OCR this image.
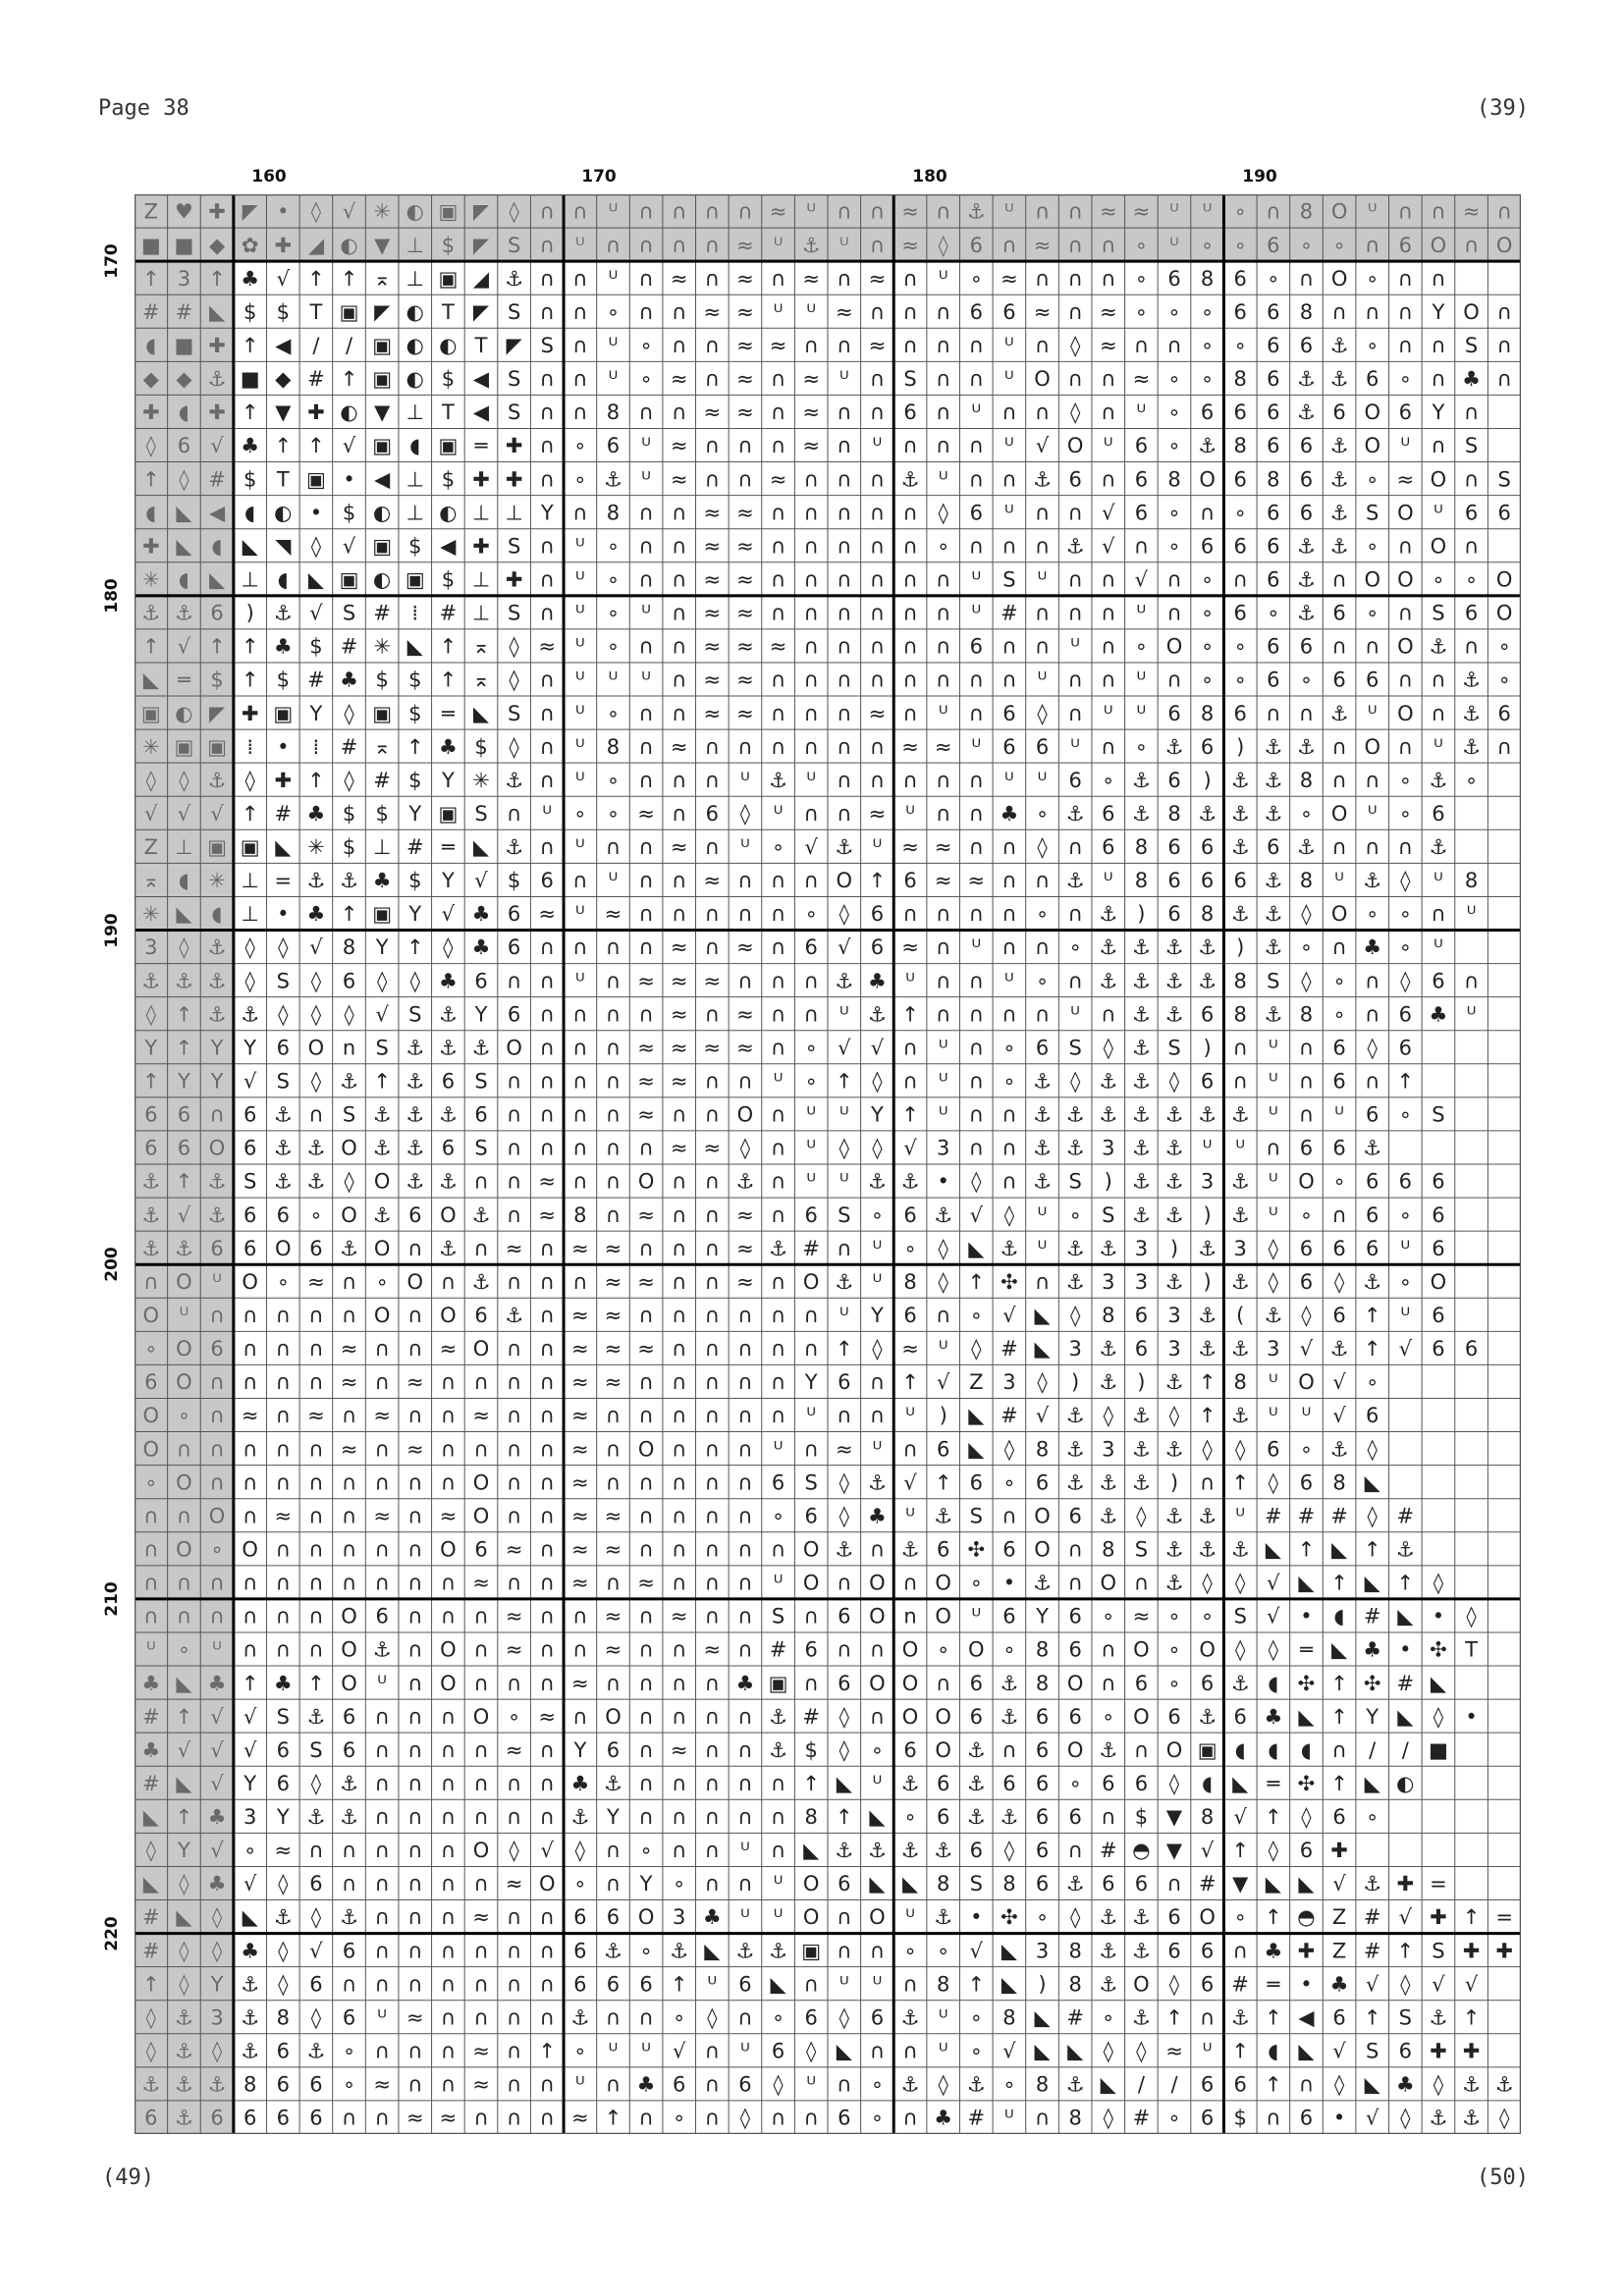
Page 38	(39)
(49)	(50)
160	170	180	190
170
180
190
200
210
220
Z ♥ ✚ ◤ • ◊ √ ✳ ◐ ▣ ◤ ◊ ∩ ∩ ᵁ ∩ ∩ ∩ ∩ ≈ ᵁ ∩ ∩ ≈ ∩ ⚓ ᵁ ∩ ∩ ≈ ≈ ᵁ ᵁ ∘ ∩ 8 O ᵁ ∩ ∩ ≈ ∩
■ ■ ◆ ✿ ✚ ◢ ◐ ▼ ⊥ $ ◤ S ∩ ᵁ ∩ ∩ ∩ ∩ ≈ ᵁ ⚓ ᵁ ∩ ≈ ◊ 6 ∩ ≈ ∩ ∩ ∘ ᵁ ∘ ∘ 6 ∘ ∘ ∩ 6 O ∩ O
↑ 3 ↑ ♣ √ ↑ ↑ ⌅ ⊥ ▣ ◢ ⚓ ∩ ∩ ᵁ ∩ ≈ ∩ ≈ ∩ ≈ ∩ ≈ ∩ ᵁ ∘ ≈ ∩ ∩ ∩ ∘ 6 8 6 ∘ ∩ O ∘ ∩ ∩
# # ◣ $ $ T ▣ ◤ ◐ T ◤ S ∩ ∩ ∘ ∩ ∩ ≈ ≈ ᵁ ᵁ ≈ ∩ ∩ ∩ 6 6 ≈ ∩ ≈ ∘ ∘ ∘ 6 6 8 ∩ ∩ ∩ Y O ∩
◖ ■ ✚ ↑ ◀ / / ▣ ◐ ◐ T ◤ S ∩ ᵁ ∘ ∩ ∩ ≈ ≈ ∩ ∩ ≈ ∩ ∩ ∩ ᵁ ∩ ◊ ≈ ∩ ∩ ∘ ∘ 6 6 ⚓ ∘ ∩ ∩ S ∩
◆ ◆ ⚓ ■ ◆ # ↑ ▣ ◐ $ ◀ S ∩ ∩ ᵁ ∘ ≈ ∩ ≈ ∩ ≈ ᵁ ∩ S ∩ ∩ ᵁ O ∩ ∩ ≈ ∘ ∘ 8 6 ⚓ ⚓ 6 ∘ ∩ ♣ ∩
✚ ◖ ✚ ↑ ▼ ✚ ◐ ▼ ⊥ T ◀ S ∩ ∩ 8 ∩ ∩ ≈ ≈ ∩ ≈ ∩ ∩ 6 ∩ ᵁ ∩ ∩ ◊ ∩ ᵁ ∘ 6 6 6 ⚓ 6 O 6 Y ∩
◊ 6 √ ♣ ↑ ↑ √ ▣ ◖ ▣ ═ ✚ ∩ ∘ 6 ᵁ ≈ ∩ ∩ ∩ ≈ ∩ ᵁ ∩ ∩ ∩ ᵁ √ O ᵁ 6 ∘ ⚓ 8 6 6 ⚓ O ᵁ ∩ S
↑ ◊ # $ T ▣ • ◀ ⊥ $ ✚ ✚ ∩ ∘ ⚓ ᵁ ≈ ∩ ∩ ≈ ∩ ∩ ∩ ⚓ ᵁ ∩ ∩ ⚓ 6 ∩ 6 8 O 6 8 6 ⚓ ∘ ≈ O ∩ S
◖ ◣ ◀ ◖ ◐ • $ ◐ ⊥ ◐ ⊥ ⊥ Y ∩ 8 ∩ ∩ ≈ ≈ ∩ ∩ ∩ ∩ ∩ ◊ 6 ᵁ ∩ ∩ √ 6 ∘ ∩ ∘ 6 6 ⚓ S O ᵁ 6 6
✚ ◣ ◖ ◣ ◥ ◊ √ ▣ $ ◀ ✚ S ∩ ᵁ ∘ ∩ ∩ ≈ ≈ ∩ ∩ ∩ ∩ ∩ ∘ ∩ ∩ ∩ ⚓ √ ∩ ∘ 6 6 6 ⚓ ⚓ ∘ ∩ O ∩
✳ ◖ ◣ ⊥ ◖ ◣ ▣ ◐ ▣ $ ⊥ ✚ ∩ ᵁ ∘ ∩ ∩ ≈ ≈ ∩ ∩ ∩ ∩ ∩ ∩ ᵁ S ᵁ ∩ ∩ √ ∩ ∘ ∩ 6 ⚓ ∩ O O ∘ ∘ O
⚓ ⚓ 6 ) ⚓ √ S # ⁞ # ⊥ S ∩ ᵁ ∘ ᵁ ∩ ≈ ≈ ∩ ∩ ∩ ∩ ∩ ∩ ᵁ # ∩ ∩ ∩ ᵁ ∩ ∘ 6 ∘ ⚓ 6 ∘ ∩ S 6 O
↑ √ ↑ ↑ ♣ $ # ✳ ◣ ↑ ⌅ ◊ ≈ ᵁ ∘ ∩ ∩ ≈ ≈ ≈ ∩ ∩ ∩ ∩ ∩ 6 ∩ ∩ ᵁ ∩ ∘ O ∘ ∘ 6 6 ∩ ∩ O ⚓ ∩ ∘
◣ ═ $ ↑ $ # ♣ $ $ ↑ ⌅ ◊ ∩ ᵁ ᵁ ᵁ ∩ ≈ ≈ ∩ ∩ ∩ ∩ ∩ ∩ ∩ ∩ ᵁ ∩ ∩ ᵁ ∩ ∘ ∘ 6 ∘ 6 6 ∩ ∩ ⚓ ∘
▣ ◐ ◤ ✚ ▣ Y ◊ ▣ $ ═ ◣ S ∩ ᵁ ∘ ∩ ∩ ≈ ≈ ∩ ∩ ∩ ≈ ∩ ᵁ ∩ 6 ◊ ∩ ᵁ ᵁ 6 8 6 ∩ ∩ ⚓ ᵁ O ∩ ⚓ 6
✳ ▣ ▣ ⁞ • ⁞ # ⌅ ↑ ♣ $ ◊ ∩ ᵁ 8 ∩ ≈ ∩ ∩ ∩ ∩ ∩ ∩ ≈ ≈ ᵁ 6 6 ᵁ ∩ ∘ ⚓ 6 ) ⚓ ⚓ ∩ O ∩ ᵁ ⚓ ∩
◊ ◊ ⚓ ◊ ✚ ↑ ◊ # $ Y ✳ ⚓ ∩ ᵁ ∘ ∩ ∩ ∩ ᵁ ⚓ ᵁ ∩ ∩ ∩ ∩ ∩ ᵁ ᵁ 6 ∘ ⚓ 6 ) ⚓ ⚓ 8 ∩ ∩ ∘ ⚓ ∘
√ √ √ ↑ # ♣ $ $ Y ▣ S ∩ ᵁ ∘ ∘ ≈ ∩ 6 ◊ ᵁ ∩ ∩ ≈ ᵁ ∩ ∩ ♣ ∘ ⚓ 6 ⚓ 8 ⚓ ⚓ ⚓ ∘ O ᵁ ∘ 6
Z ⊥ ▣ ▣ ◣ ✳ $ ⊥ # ═ ◣ ⚓ ∩ ᵁ ∩ ∩ ≈ ∩ ᵁ ∘ √ ⚓ ᵁ ≈ ≈ ∩ ∩ ◊ ∩ 6 8 6 6 ⚓ 6 ⚓ ∩ ∩ ∩ ⚓
⌅ ◖ ✳ ⊥ = ⚓ ⚓ ♣ $ Y √ $ 6 ∩ ᵁ ∩ ∩ ≈ ∩ ∩ ∩ O ↑ 6 ≈ ≈ ∩ ∩ ⚓ ᵁ 8 6 6 6 ⚓ 8 ᵁ ⚓ ◊ ᵁ 8
✳ ◣ ◖ ⊥ • ♣ ↑ ▣ Y √ ♣ 6 ≈ ᵁ ≈ ∩ ∩ ∩ ∩ ∩ ∘ ◊ 6 ∩ ∩ ∩ ∩ ∘ ∩ ⚓ ) 6 8 ⚓ ⚓ ◊ O ∘ ∘ ∩ ᵁ
3 ◊ ⚓ ◊ ◊ √ 8 Y ↑ ◊ ♣ 6 ∩ ∩ ∩ ∩ ≈ ∩ ≈ ∩ 6 √ 6 ≈ ∩ ᵁ ∩ ∩ ∘ ⚓ ⚓ ⚓ ⚓ ) ⚓ ∘ ∩ ♣ ∘ ᵁ
⚓ ⚓ ⚓ ◊ S ◊ 6 ◊ ◊ ♣ 6 ∩ ∩ ᵁ ∩ ≈ ≈ ≈ ∩ ∩ ∩ ⚓ ♣ ᵁ ∩ ∩ ᵁ ∘ ∩ ⚓ ⚓ ⚓ ⚓ 8 S ◊ ∘ ∩ ◊ 6 ∩
◊ ↑ ⚓ ⚓ ◊ ◊ ◊ √ S ⚓ Y 6 ∩ ∩ ∩ ∩ ≈ ∩ ≈ ∩ ∩ ᵁ ⚓ ↑ ∩ ∩ ∩ ∩ ᵁ ∩ ⚓ ⚓ 6 8 ⚓ 8 ∘ ∩ 6 ♣ ᵁ
Y ↑ Y Y 6 O n S ⚓ ⚓ ⚓ O ∩ ∩ ∩ ≈ ≈ ≈ ≈ ∩ ∘ √ √ ∩ ᵁ ∩ ∘ 6 S ◊ ⚓ S ) ∩ ᵁ ∩ 6 ◊ 6
↑ Y Y √ S ◊ ⚓ ↑ ⚓ 6 S ∩ ∩ ∩ ∩ ≈ ≈ ∩ ∩ ᵁ ∘ ↑ ◊ ∩ ᵁ ∩ ∘ ⚓ ◊ ⚓ ⚓ ◊ 6 ∩ ᵁ ∩ 6 ∩ ↑
6 6 ∩ 6 ⚓ ∩ S ⚓ ⚓ ⚓ 6 ∩ ∩ ∩ ∩ ≈ ∩ ∩ O ∩ ᵁ ᵁ Y ↑ ᵁ ∩ ∩ ⚓ ⚓ ⚓ ⚓ ⚓ ⚓ ⚓ ᵁ ∩ ᵁ 6 ∘ S
6 6 O 6 ⚓ ⚓ O ⚓ ⚓ 6 S ∩ ∩ ∩ ∩ ∩ ≈ ≈ ◊ ∩ ᵁ ◊ ◊ √ 3 ∩ ∩ ⚓ ⚓ 3 ⚓ ⚓ ᵁ ᵁ ∩ 6 6 ⚓
⚓ ↑ ⚓ S ⚓ ⚓ ◊ O ⚓ ⚓ ∩ ∩ ≈ ∩ ∩ O ∩ ∩ ⚓ ∩ ᵁ ᵁ ⚓ ⚓ • ◊ ∩ ⚓ S ) ⚓ ⚓ 3 ⚓ ᵁ O ∘ 6 6 6
⚓ √ ⚓ 6 6 ∘ O ⚓ 6 O ⚓ ∩ ≈ 8 ∩ ≈ ∩ ∩ ≈ ∩ 6 S ∘ 6 ⚓ √ ◊ ᵁ ∘ S ⚓ ⚓ ) ⚓ ᵁ ∘ ∩ 6 ∘ 6
⚓ ⚓ 6 6 O 6 ⚓ O ∩ ⚓ ∩ ≈ ∩ ≈ ≈ ∩ ∩ ∩ ≈ ⚓ # ∩ ᵁ ∘ ◊ ◣ ⚓ ᵁ ⚓ ⚓ 3 ) ⚓ 3 ◊ 6 6 6 ᵁ 6
∩ O ᵁ O ∘ ≈ ∩ ∘ O ∩ ⚓ ∩ ∩ ∩ ≈ ≈ ∩ ∩ ≈ ∩ O ⚓ ᵁ 8 ◊ ↑ ✣ ∩ ⚓ 3 3 ⚓ ) ⚓ ◊ 6 ◊ ⚓ ∘ O
O ᵁ ∩ ∩ ∩ ∩ ∩ O ∩ O 6 ⚓ ∩ ≈ ≈ ∩ ∩ ∩ ∩ ∩ ∩ ᵁ Y 6 ∩ ∘ √ ◣ ◊ 8 6 3 ⚓ ( ⚓ ◊ 6 ↑ ᵁ 6
∘ O 6 ∩ ∩ ∩ ≈ ∩ ∩ ≈ O ∩ ∩ ≈ ≈ ≈ ∩ ∩ ∩ ∩ ∩ ↑ ◊ ≈ ᵁ ◊ # ◣ 3 ⚓ 6 3 ⚓ ⚓ 3 √ ⚓ ↑ √ 6 6
6 O ∩ ∩ ∩ ∩ ≈ ∩ ≈ ∩ ∩ ∩ ∩ ≈ ≈ ∩ ∩ ∩ ∩ ∩ Y 6 ∩ ↑ √ Z 3 ◊ ) ⚓ ) ⚓ ↑ 8 ᵁ O √ ∘
O ∘ ∩ ≈ ∩ ≈ ∩ ≈ ∩ ∩ ≈ ∩ ∩ ≈ ∩ ∩ ∩ ∩ ∩ ∩ ᵁ ∩ ∩ ᵁ ) ◣ # √ ⚓ ◊ ⚓ ◊ ↑ ⚓ ᵁ ᵁ √ 6
O ∩ ∩ ∩ ∩ ∩ ≈ ∩ ≈ ∩ ∩ ∩ ∩ ≈ ∩ O ∩ ∩ ∩ ᵁ ∩ ≈ ᵁ ∩ 6 ◣ ◊ 8 ⚓ 3 ⚓ ⚓ ◊ ◊ 6 ∘ ⚓ ◊
∘ O ∩ ∩ ∩ ∩ ∩ ∩ ∩ ∩ O ∩ ∩ ≈ ∩ ∩ ∩ ∩ ∩ 6 S ◊ ⚓ √ ↑ 6 ∘ 6 ⚓ ⚓ ⚓ ) ∩ ↑ ◊ 6 8 ◣
∩ ∩ O ∩ ≈ ∩ ∩ ≈ ∩ ≈ O ∩ ∩ ≈ ≈ ∩ ∩ ∩ ∩ ∘ 6 ◊ ♣ ᵁ ⚓ S ∩ O 6 ⚓ ◊ ⚓ ⚓ ᵁ # # # ◊ #
∩ O ∘ O ∩ ∩ ∩ ∩ ∩ O 6 ≈ ∩ ≈ ≈ ∩ ∩ ∩ ∩ ∩ O ⚓ ∩ ⚓ 6 ✣ 6 O ∩ 8 S ⚓ ⚓ ⚓ ◣ ↑ ◣ ↑ ⚓
∩ ∩ ∩ ∩ ∩ ∩ ∩ ∩ ∩ ∩ ≈ ∩ ∩ ≈ ∩ ≈ ∩ ∩ ∩ ᵁ O ∩ O ∩ O ∘ • ⚓ ∩ O ∩ ⚓ ◊ ◊ √ ◣ ↑ ◣ ↑ ◊
∩ ∩ ∩ ∩ ∩ ∩ O 6 ∩ ∩ ∩ ≈ ∩ ∩ ≈ ∩ ≈ ∩ ∩ S ∩ 6 O n O ᵁ 6 Y 6 ∘ ≈ ∘ ∘ S √ • ◖ # ◣ • ◊
ᵁ ∘ ᵁ ∩ ∩ ∩ O ⚓ ∩ O ∩ ≈ ∩ ∩ ≈ ∩ ∩ ≈ ∩ # 6 ∩ ∩ O ∘ O ∘ 8 6 ∩ O ∘ O ◊ ◊ ═ ◣ ♣ • ✣ T
♣ ◣ ♣ ↑ ♣ ↑ O ᵁ ∩ O ∩ ∩ ∩ ≈ ∩ ∩ ∩ ∩ ♣ ▣ ∩ 6 O O ∩ 6 ⚓ 8 O ∩ 6 ∘ 6 ⚓ ◖ ✣ ↑ ✣ # ◣
# ↑ √ √ S ⚓ 6 ∩ ∩ ∩ O ∘ ≈ ∩ O ∩ ∩ ∩ ∩ ⚓ # ◊ ∩ O O 6 ⚓ 6 6 ∘ O 6 ⚓ 6 ♣ ◣ ↑ Y ◣ ◊ •
♣ √ √ √ 6 S 6 ∩ ∩ ∩ ∩ ≈ ∩ Y 6 ∩ ≈ ∩ ∩ ⚓ $ ◊ ∘ 6 O ⚓ ∩ 6 O ⚓ ∩ O ▣ ◖ ◖ ◖ ∩ / / ■
# ◣ √ Y 6 ◊ ⚓ ∩ ∩ ∩ ∩ ∩ ∩ ♣ ⚓ ∩ ∩ ∩ ∩ ∩ ↑ ◣ ᵁ ⚓ 6 ⚓ 6 6 ∘ 6 6 ◊ ◖ ◣ ═ ✣ ↑ ◣ ◐
◣ ↑ ♣ 3 Y ⚓ ⚓ ∩ ∩ ∩ ∩ ∩ ∩ ⚓ Y ∩ ∩ ∩ ∩ ∩ 8 ↑ ◣ ∘ 6 ⚓ ⚓ 6 6 ∩ $ ▼ 8 √ ↑ ◊ 6 ∘
◊ Y √ ∘ ≈ ∩ ∩ ∩ ∩ ∩ O ◊ √ ◊ ∩ ∘ ∩ ∩ ᵁ ∩ ◣ ⚓ ⚓ ⚓ ⚓ 6 ◊ 6 ∩ # ◓ ▼ √ ↑ ◊ 6 ✚
◣ ◊ ♣ √ ◊ 6 ∩ ∩ ∩ ∩ ∩ ≈ O ∘ ∩ Y ∘ ∩ ∩ ᵁ O 6 ◣ ◣ 8 S 8 6 ⚓ 6 6 ∩ # ▼ ◣ ◣ √ ⚓ ✚ =
# ◣ ◊ ◣ ⚓ ◊ ⚓ ∩ ∩ ∩ ≈ ∩ ∩ 6 6 O 3 ♣ ᵁ ᵁ O ∩ O ᵁ ⚓ • ✣ ∘ ◊ ⚓ ⚓ 6 O ∘ ↑ ◓ Z # √ ✚ ↑ =
# ◊ ◊ ♣ ◊ √ 6 ∩ ∩ ∩ ∩ ∩ ∩ 6 ⚓ ∘ ⚓ ◣ ⚓ ⚓ ▣ ∩ ∩ ∘ ∘ √ ◣ 3 8 ⚓ ⚓ 6 6 ∩ ♣ ✚ Z # ↑ S ✚ ✚
↑ ◊ Y ⚓ ◊ 6 ∩ ∩ ∩ ∩ ∩ ∩ ∩ 6 6 6 ↑ ᵁ 6 ◣ ∩ ᵁ ᵁ ∩ 8 ↑ ◣ ) 8 ⚓ O ◊ 6 # ═ • ♣ √ ◊ √ √
◊ ⚓ 3 ⚓ 8 ◊ 6 ᵁ ≈ ∩ ∩ ∩ ∩ ⚓ ∩ ∩ ∘ ◊ ∩ ∘ 6 ◊ 6 ⚓ ᵁ ∘ 8 ◣ # ∘ ⚓ ↑ ∩ ⚓ ↑ ◀ 6 ↑ S ⚓ ↑
◊ ⚓ ◊ ⚓ 6 ⚓ ∘ ∩ ∩ ∩ ≈ ∩ ↑ ∘ ᵁ ᵁ √ ∩ ᵁ 6 ◊ ◣ ∩ ∩ ᵁ ∘ √ ◣ ◣ ◊ ◊ ≈ ᵁ ↑ ◖ ◣ √ S 6 ✚ ✚
⚓ ⚓ ⚓ 8 6 6 ∘ ≈ ∩ ∩ ≈ ∩ ∩ ᵁ ∩ ♣ 6 ∩ 6 ◊ ᵁ ∩ ∘ ⚓ ◊ ⚓ ∘ 8 ⚓ ◣ / / 6 6 ↑ ∩ ◊ ◣ ♣ ◊ ⚓ ⚓
6 ⚓ 6 6 6 6 ∩ ∩ ≈ ≈ ∩ ∩ ∩ ≈ ↑ ∩ ∘ ∩ ◊ ∩ ∩ 6 ∘ ∩ ♣ # ᵁ ∩ 8 ◊ # ∘ 6 $ ∩ 6 • √ ◊ ⚓ ⚓ ◊
